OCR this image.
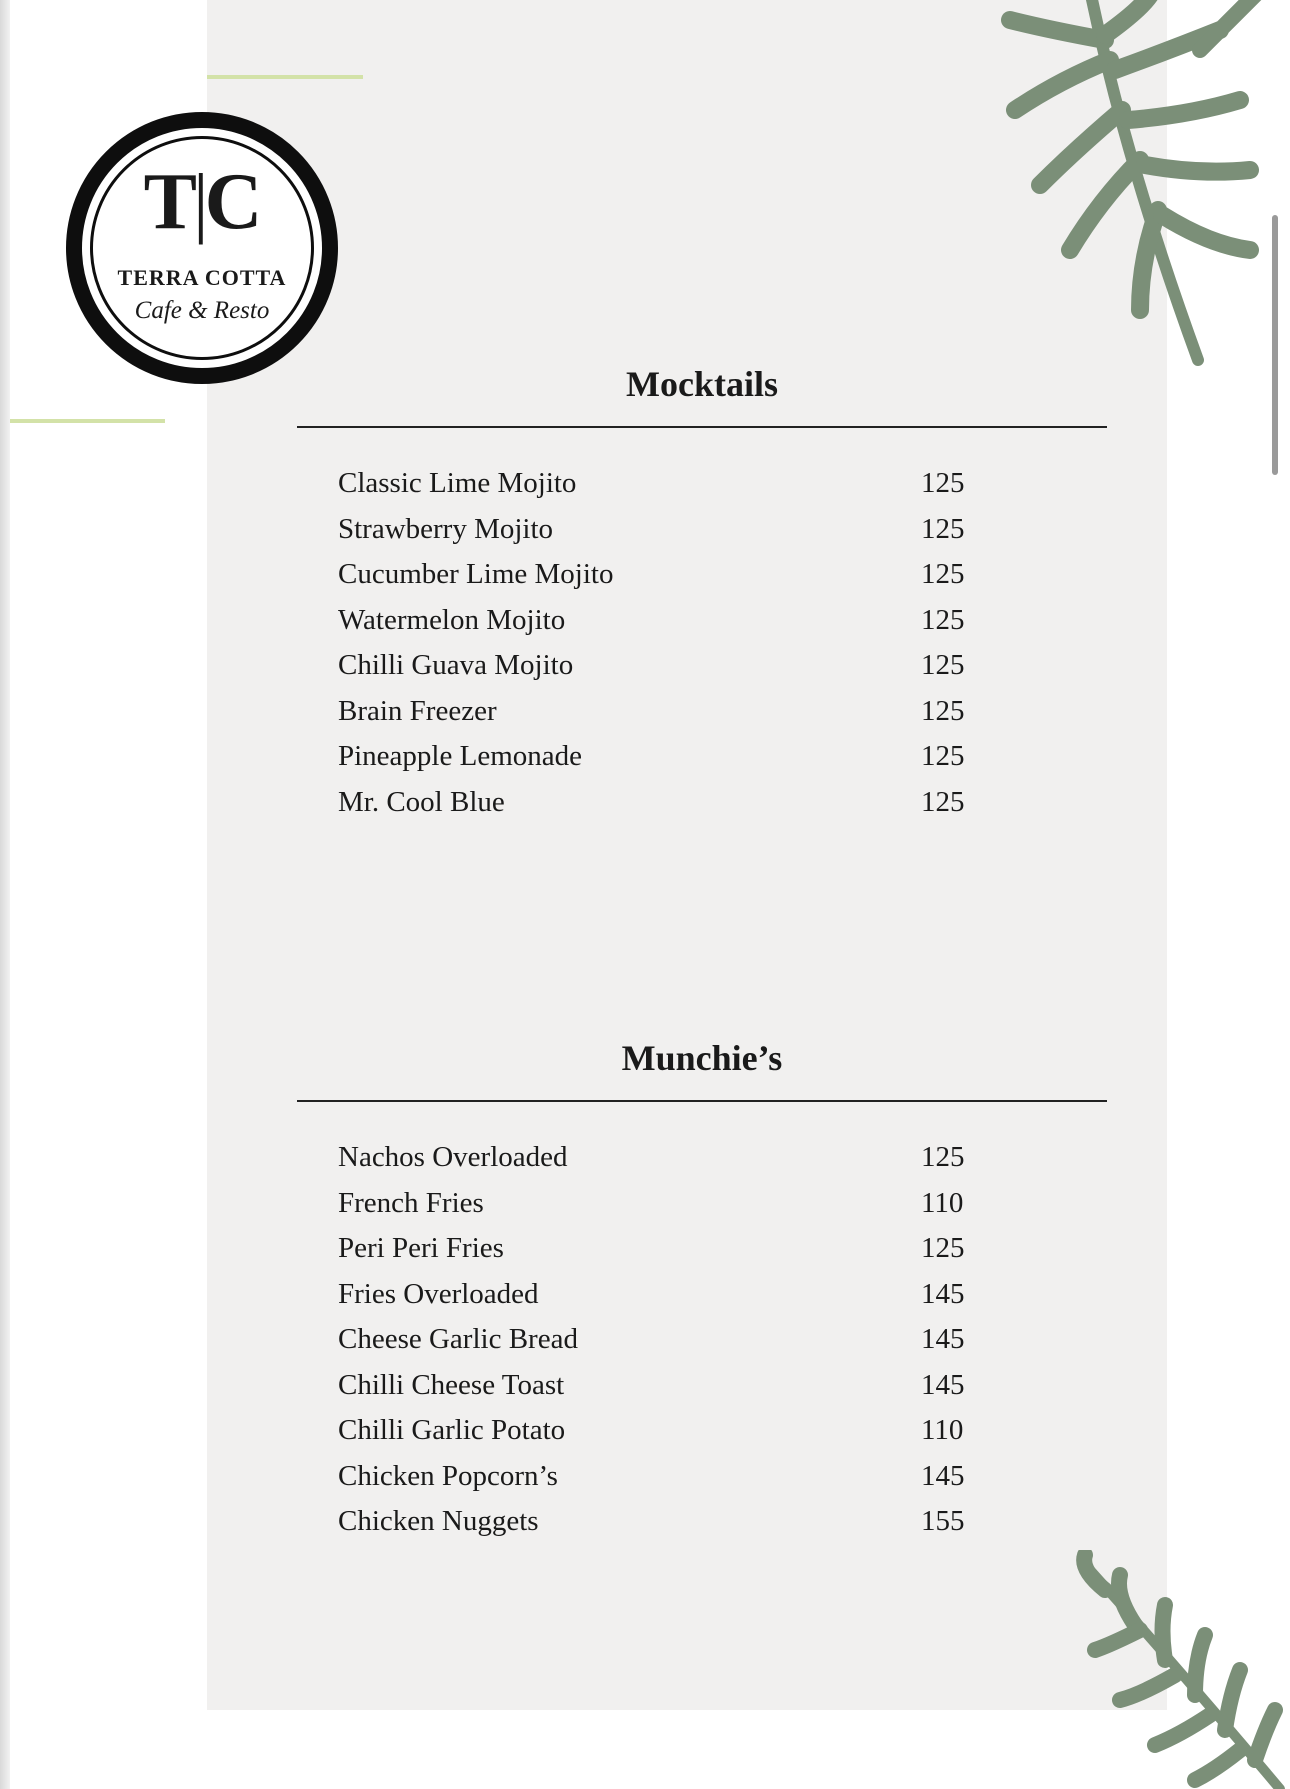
T|C
TERRA COTTA
Cafe & Resto
Mocktails
Classic Lime Mojito	125
Strawberry Mojito	125
Cucumber Lime Mojito	125
Watermelon Mojito	125
Chilli Guava Mojito	125
Brain Freezer	125
Pineapple Lemonade	125
Mr. Cool Blue	125
Munchie’s
Nachos Overloaded	125
French Fries	110
Peri Peri Fries	125
Fries Overloaded	145
Cheese Garlic Bread	145
Chilli Cheese Toast	145
Chilli Garlic Potato	110
Chicken Popcorn’s	145
Chicken Nuggets	155
